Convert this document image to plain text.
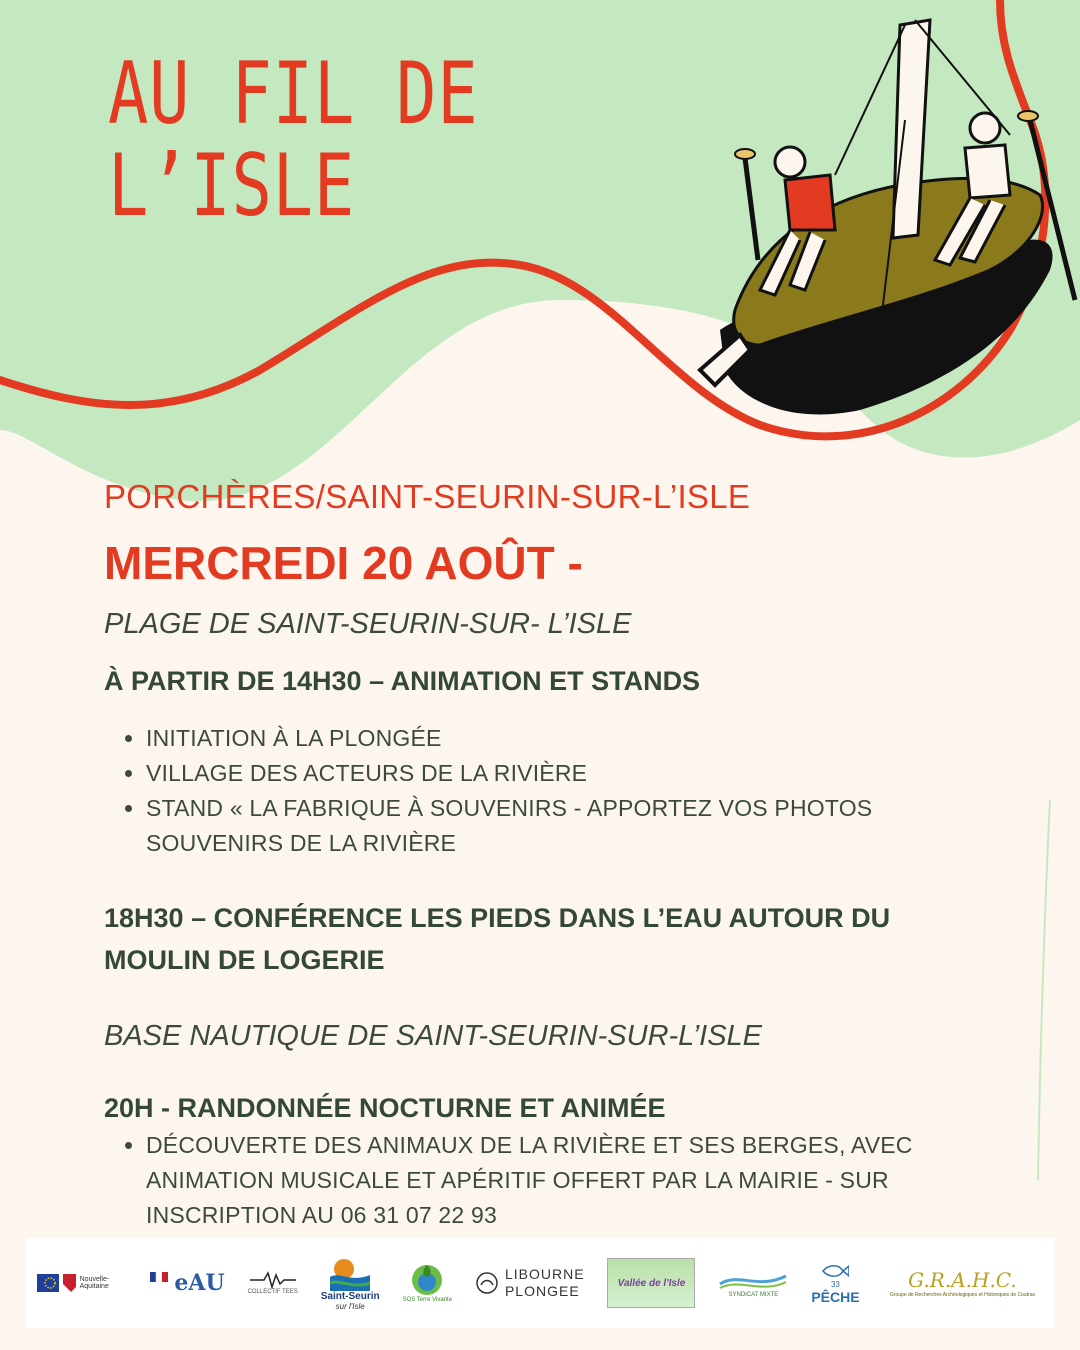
AU FIL DE
L’ISLE
PORCHÈRES/SAINT-SEURIN-SUR-L’ISLE
MERCREDI 20 AOÛT -
PLAGE DE SAINT-SEURIN-SUR- L’ISLE
À PARTIR DE 14H30 – ANIMATION ET STANDS
• INITIATION À LA PLONGÉE
• VILLAGE DES ACTEURS DE LA RIVIÈRE
• STAND « LA FABRIQUE À SOUVENIRS - APPORTEZ VOS PHOTOS SOUVENIRS DE LA RIVIÈRE
18H30 – CONFÉRENCE LES PIEDS DANS L’EAU AUTOUR DU MOULIN DE LOGERIE
BASE NAUTIQUE DE SAINT-SEURIN-SUR-L’ISLE
20H - RANDONNÉE NOCTURNE ET ANIMÉE
• DÉCOUVERTE DES ANIMAUX DE LA RIVIÈRE ET SES BERGES, AVEC ANIMATION MUSICALE ET APÉRITIF OFFERT PAR LA MAIRIE - SUR INSCRIPTION AU 06 31 07 22 93
Nouvelle-Aquitaine	eAU	COLLECTIF TEES Saint-Seurin
sur l'Isle
SOS Terre Vivante
LIBOURNE
PLONGEE	Vallée de l'Isle
SYNDICAT MIXTE
33
PÊCHE
G.R.A.H.C.
Groupe de Recherches Archéologiques et Historiques de Coutras
